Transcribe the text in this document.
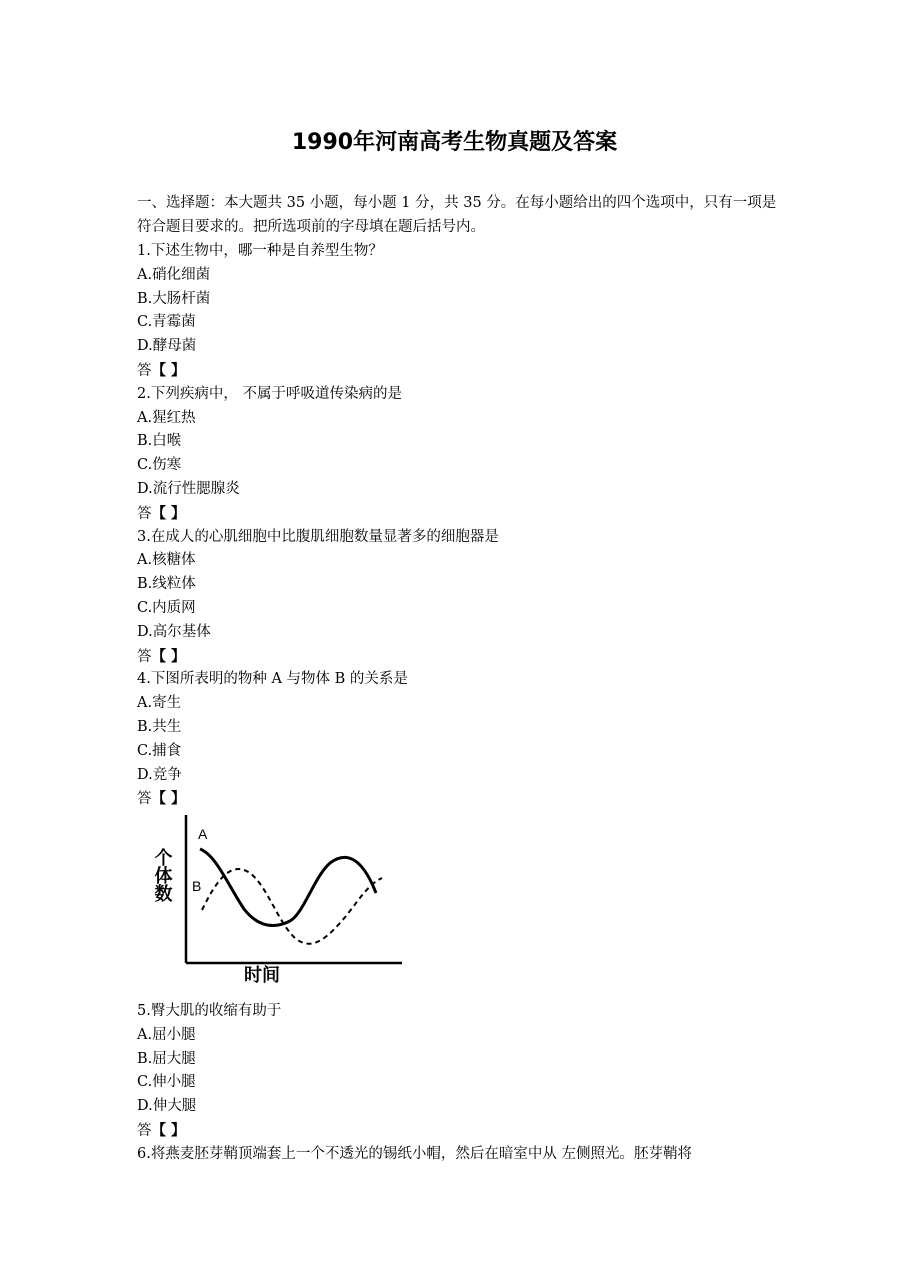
1990年河南高考生物真题及答案
一、选择题：本大题共 35 小题，每小题 1 分，共 35 分。在每小题给出的四个选项中，只有一项是符合题目要求的。把所选项前的字母填在题后括号内。
1.下述生物中，哪一种是自养型生物？
A.硝化细菌
B.大肠杆菌
C.青霉菌
D.酵母菌
答【 】
2.下列疾病中， 不属于呼吸道传染病的是
A.猩红热
B.白喉
C.伤寒
D.流行性腮腺炎
答【 】
3.在成人的心肌细胞中比腹肌细胞数量显著多的细胞器是
A.核糖体
B.线粒体
C.内质网
D.高尔基体
答【 】
4.下图所表明的物种 A 与物体 B 的关系是
A.寄生
B.共生
C.捕食
D.竞争
答【 】
A
B
个体数
时间
5.臀大肌的收缩有助于
A.屈小腿
B.屈大腿
C.伸小腿
D.伸大腿
答【 】
6.将燕麦胚芽鞘顶端套上一个不透光的锡纸小帽，然后在暗室中从 左侧照光。胚芽鞘将
